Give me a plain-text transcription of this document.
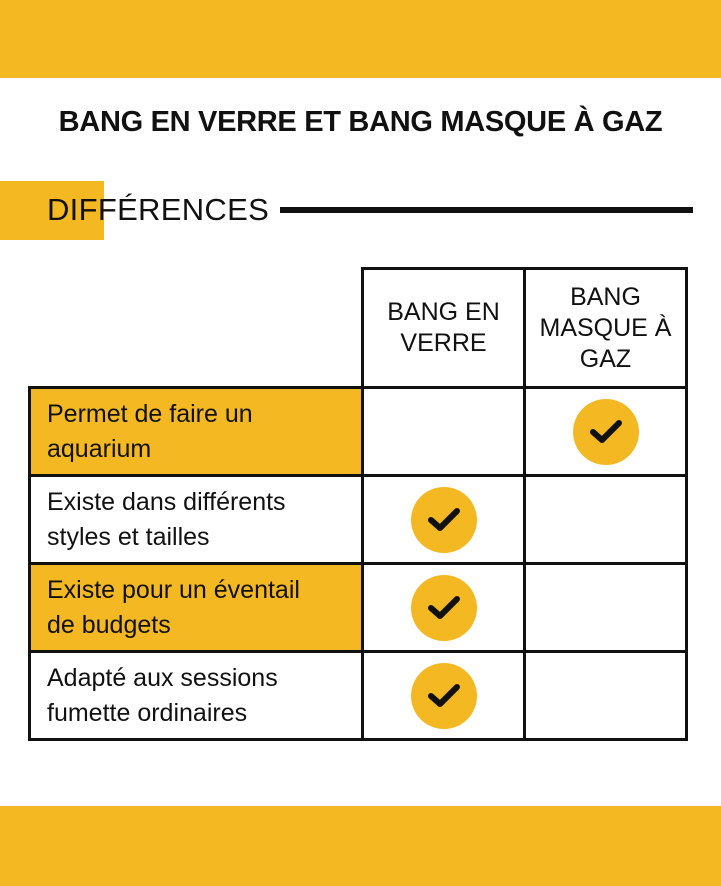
BANG EN VERRE ET BANG MASQUE À GAZ
DIFFÉRENCES
BANG EN
VERRE
BANG
MASQUE À
GAZ
Permet de faire un
aquarium
Existe dans différents
styles et tailles
Existe pour un éventail
de budgets
Adapté aux sessions
fumette ordinaires
